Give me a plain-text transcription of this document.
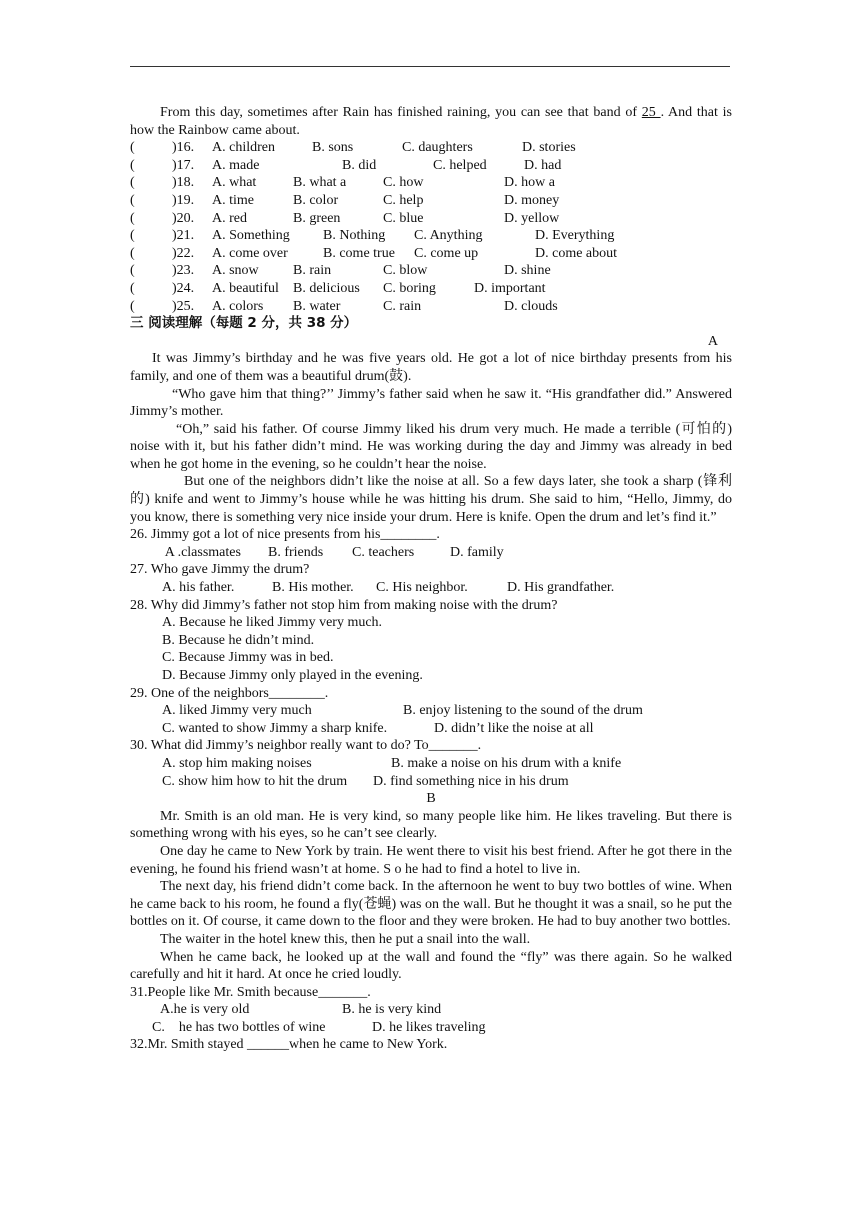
From this day, sometimes after Rain has finished raining, you can see that band of 25 . And that is how the Rainbow came about.

(	)16.	A. children	B. sons	C. daughters	D. stories
(	)17.	A. made	B. did	C. helped	D. had
(	)18.	A. what	B. what a	C. how	D. how a
(	)19.	A. time	B. color	C. help	D. money
(	)20.	A. red	B. green	C. blue	D. yellow
(	)21.	A. Something	B. Nothing	C. Anything	D. Everything
(	)22.	A. come over	B. come true	C. come up	D. come about
(	)23.	A. snow	B. rain	C. blow	D. shine
(	)24.	A. beautiful	B. delicious	C. boring	D. important
(	)25.	A. colors	B. water	C. rain	D. clouds

三 阅读理解（每题 2 分，共 38 分）

A

It was Jimmy’s birthday and he was five years old. He got a lot of nice birthday presents from his family, and one of them was a beautiful drum(鼓).

“Who gave him that thing?’’ Jimmy’s father said when he saw it. “His grandfather did.” Answered Jimmy’s mother.

“Oh,” said his father. Of course Jimmy liked his drum very much. He made a terrible (可怕的) noise with it, but his father didn’t mind. He was working during the day and Jimmy was already in bed when he got home in the evening, so he couldn’t hear the noise.

But one of the neighbors didn’t like the noise at all. So a few days later, she took a sharp (锋利的) knife and went to Jimmy’s house while he was hitting his drum. She said to him, “Hello, Jimmy, do you know, there is something very nice inside your drum. Here is knife. Open the drum and let’s find it.”

26. Jimmy got a lot of nice presents from his________.

A .classmates	B. friends	C. teachers	D. family

27. Who gave Jimmy the drum?

A. his father.	B. His mother.	C. His neighbor.	D. His grandfather.

28. Why did Jimmy’s father not stop him from making noise with the drum?

A. Because he liked Jimmy very much.

B. Because he didn’t mind.

C. Because Jimmy was in bed.

D. Because Jimmy only played in the evening.

29. One of the neighbors________.

A. liked Jimmy very much	B. enjoy listening to the sound of the drum
C. wanted to show Jimmy a sharp knife.	D. didn’t like the noise at all

30. What did Jimmy’s neighbor really want to do? To_______.

A. stop him making noises	B. make a noise on his drum with a knife
C. show him how to hit the drum	D. find something nice in his drum

B

Mr. Smith is an old man. He is very kind, so many people like him. He likes traveling. But there is something wrong with his eyes, so he can’t see clearly.

One day he came to New York by train. He went there to visit his best friend. After he got there in the evening, he found his friend wasn’t at home. S o he had to find a hotel to live in.

The next day, his friend didn’t come back. In the afternoon he went to buy two bottles of wine. When he came back to his room, he found a fly(苍蝇) was on the wall. But he thought it was a snail, so he put the bottles on it. Of course, it came down to the floor and they were broken. He had to buy another two bottles.

The waiter in the hotel knew this, then he put a snail into the wall.

When he came back, he looked up at the wall and found the “fly” was there again. So he walked carefully and hit it hard. At once he cried loudly.

31.People like Mr. Smith because_______.

A.he is very old	B. he is very kind
C.    he has two bottles of wine	D. he likes traveling

32.Mr. Smith stayed ______when he came to New York.
